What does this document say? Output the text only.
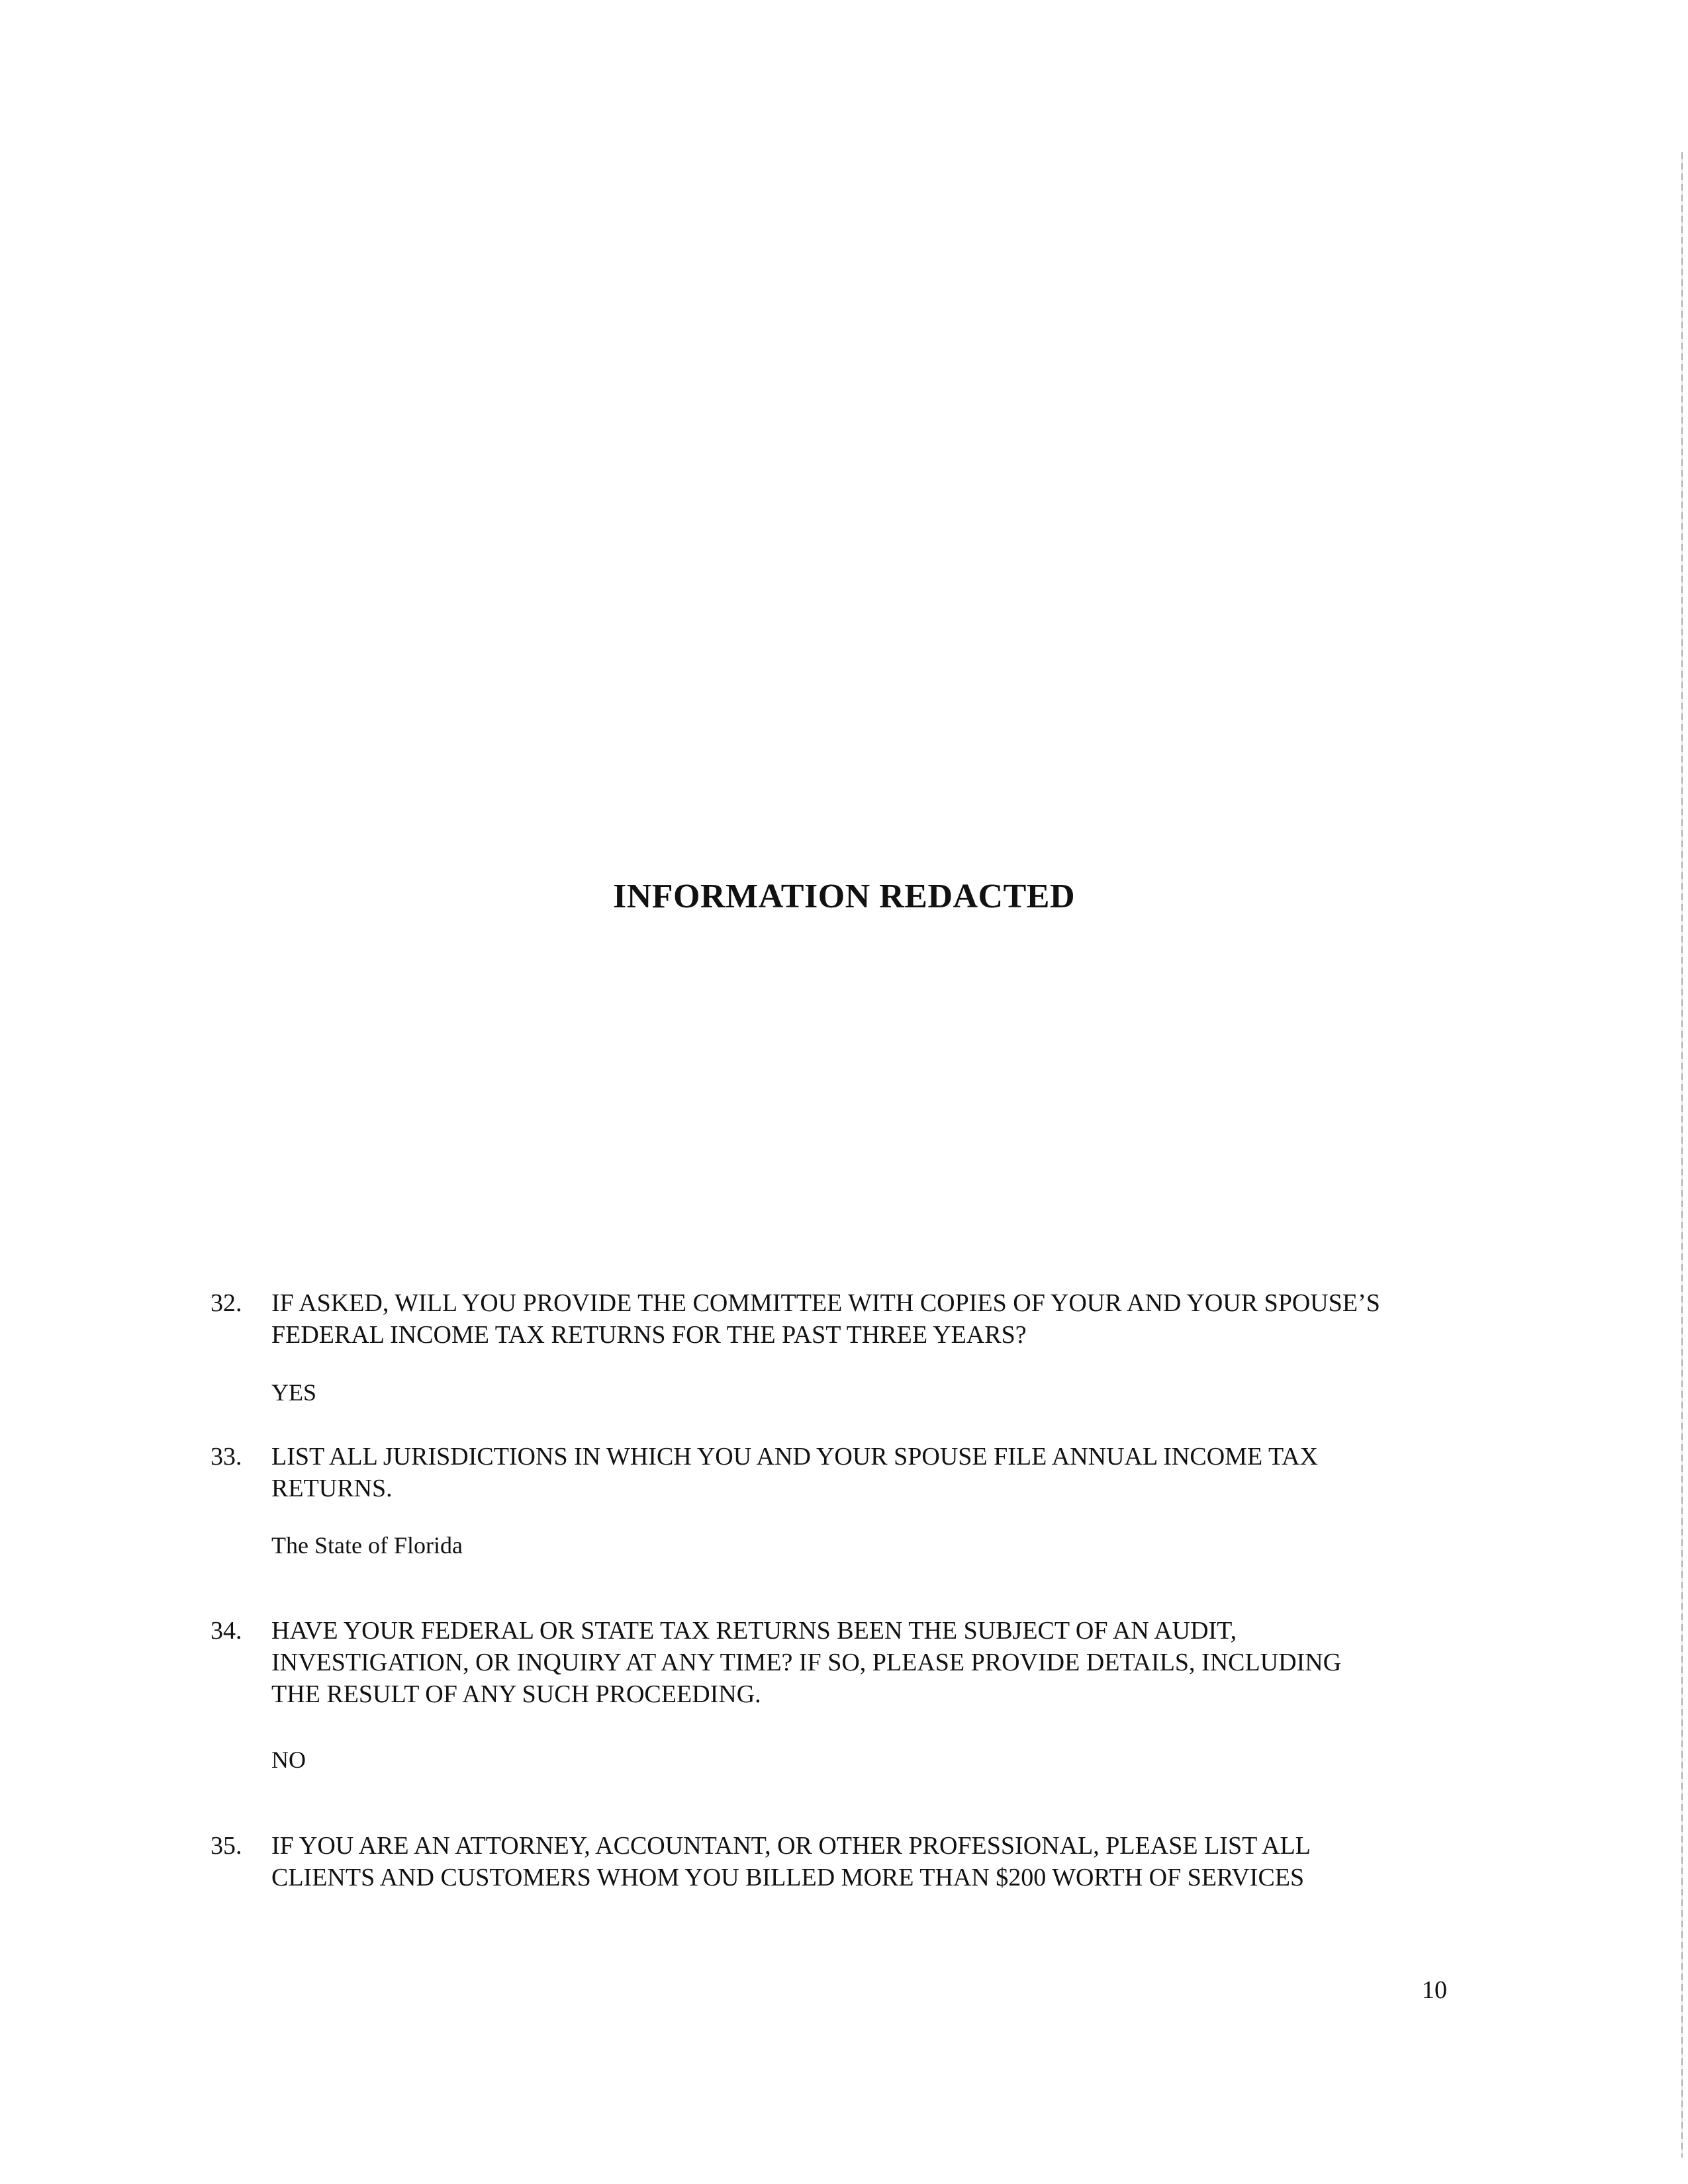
INFORMATION REDACTED
32.	IF ASKED, WILL YOU PROVIDE THE COMMITTEE WITH COPIES OF YOUR AND YOUR SPOUSE’S
FEDERAL INCOME TAX RETURNS FOR THE PAST THREE YEARS?
YES
33.	LIST ALL JURISDICTIONS IN WHICH YOU AND YOUR SPOUSE FILE ANNUAL INCOME TAX
RETURNS.
The State of Florida
34.	HAVE YOUR FEDERAL OR STATE TAX RETURNS BEEN THE SUBJECT OF AN AUDIT,
INVESTIGATION, OR INQUIRY AT ANY TIME? IF SO, PLEASE PROVIDE DETAILS, INCLUDING
THE RESULT OF ANY SUCH PROCEEDING.
NO
35.	IF YOU ARE AN ATTORNEY, ACCOUNTANT, OR OTHER PROFESSIONAL, PLEASE LIST ALL
CLIENTS AND CUSTOMERS WHOM YOU BILLED MORE THAN $200 WORTH OF SERVICES
10
